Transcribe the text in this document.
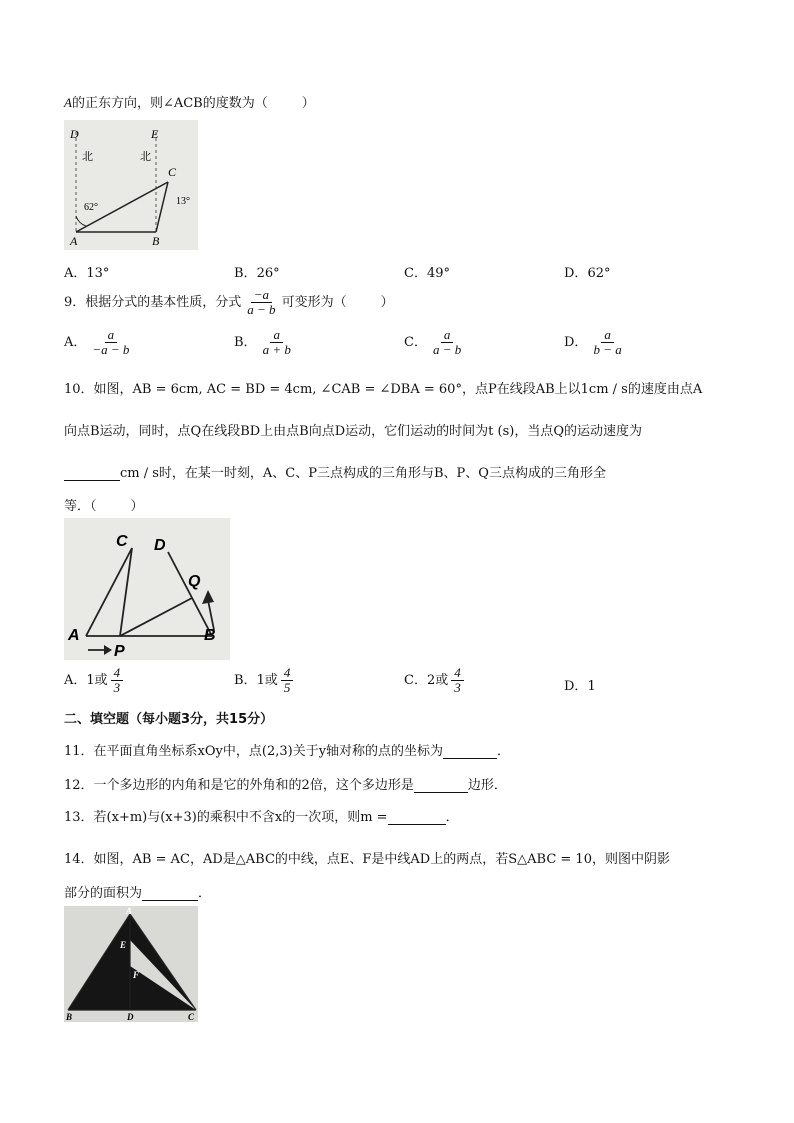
A的正东方向，则∠ACB的度数为（	）
D	E
北	北
C
62°
13°
A	B
A．13°	B．26°	C．49°	D．62°
9．根据分式的基本性质，分式 $\frac{-a}{a - b}$ 可变形为（	）
A． $\frac{a}{-a - b}$	B． $\frac{a}{a + b}$	C． $\frac{a}{a - b}$	D． $\frac{a}{b - a}$
10．如图，AB = 6cm, AC = BD = 4cm, ∠CAB = ∠DBA = 60°，点P在线段AB上以1cm / s的速度由点A
向点B运动，同时，点Q在线段BD上由点B向点D运动，它们运动的时间为t (s)，当点Q的运动速度为
cm / s时，在某一时刻，A、C、P三点构成的三角形与B、P、Q三点构成的三角形全
等．（	）
C D
Q
A
P
B
A．1或 $\frac{4}{3}$	B．1或 $\frac{4}{5}$	C．2或 $\frac{4}{3}$	D．1
二、填空题（每小题3分，共15分）
11．在平面直角坐标系xOy中，点(2,3)关于y轴对称的点的坐标为	．
12．一个多边形的内角和是它的外角和的2倍，这个多边形是	边形．
13．若(x+m)与(x+3)的乘积中不含x的一次项，则m =	．
14．如图，AB = AC，AD是△ABC的中线，点E、F是中线AD上的两点，若S△ABC = 10，则图中阴影
部分的面积为	．
A
E
F
B	D	C
